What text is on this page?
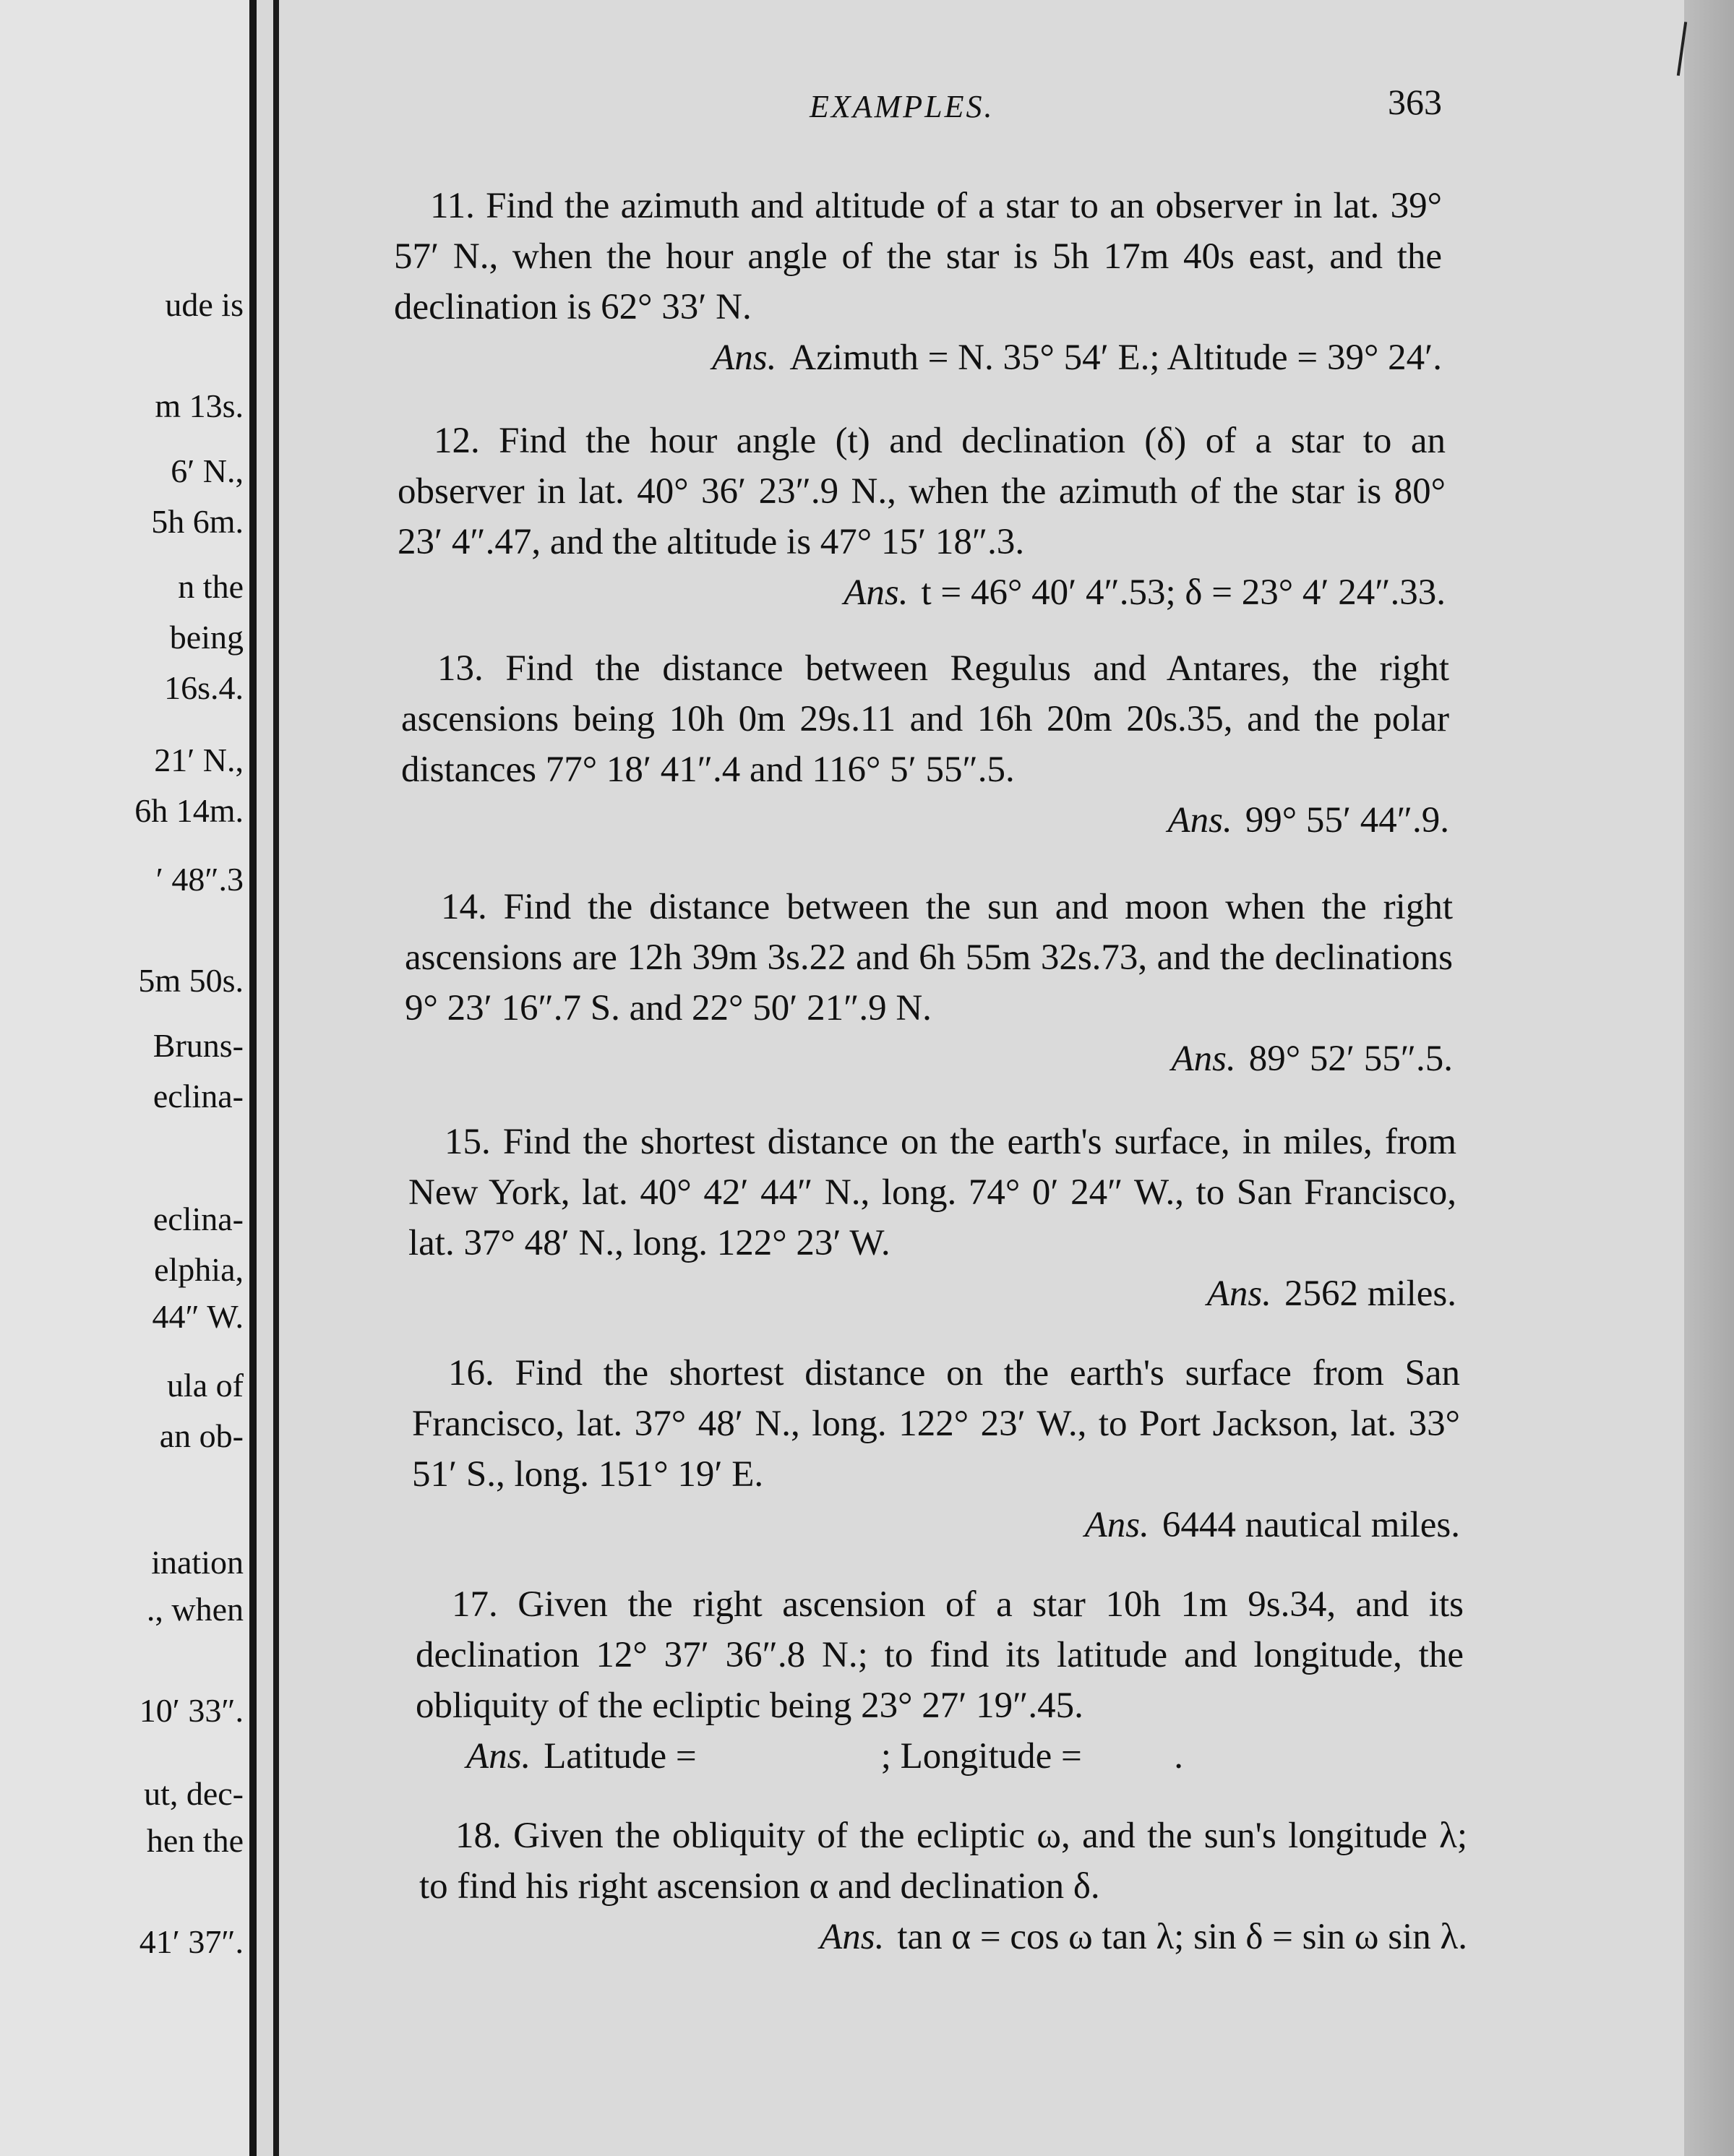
ude is
m 13s.
6′ N.,
5h 6m.
n the
being
16s.4.
21′ N.,
6h 14m.
′ 48″.3
5m 50s.
Bruns-
eclina-
eclina-
elphia,
44″ W.
ula of
an ob-
ination
., when
10′ 33″.
ut, dec-
hen the
41′ 37″.
EXAMPLES.	363

11. Find the azimuth and altitude of a star to an observer in lat. 39° 57′ N., when the hour angle of the star is 5h 17m 40s east, and the declination is 62° 33′ N.

Ans. Azimuth = N. 35° 54′ E.; Altitude = 39° 24′.

12. Find the hour angle (t) and declination (δ) of a star to an observer in lat. 40° 36′ 23″.9 N., when the azimuth of the star is 80° 23′ 4″.47, and the altitude is 47° 15′ 18″.3.

Ans. t = 46° 40′ 4″.53; δ = 23° 4′ 24″.33.

13. Find the distance between Regulus and Antares, the right ascensions being 10h 0m 29s.11 and 16h 20m 20s.35, and the polar distances 77° 18′ 41″.4 and 116° 5′ 55″.5.

Ans. 99° 55′ 44″.9.

14. Find the distance between the sun and moon when the right ascensions are 12h 39m 3s.22 and 6h 55m 32s.73, and the declinations 9° 23′ 16″.7 S. and 22° 50′ 21″.9 N.

Ans. 89° 52′ 55″.5.

15. Find the shortest distance on the earth's surface, in miles, from New York, lat. 40° 42′ 44″ N., long. 74° 0′ 24″ W., to San Francisco, lat. 37° 48′ N., long. 122° 23′ W.

Ans. 2562 miles.

16. Find the shortest distance on the earth's surface from San Francisco, lat. 37° 48′ N., long. 122° 23′ W., to Port Jackson, lat. 33° 51′ S., long. 151° 19′ E.

Ans. 6444 nautical miles.

17. Given the right ascension of a star 10h 1m 9s.34, and its declination 12° 37′ 36″.8 N.; to find its latitude and longitude, the obliquity of the ecliptic being 23° 27′ 19″.45.

Ans. Latitude =                    ; Longitude =          .

18. Given the obliquity of the ecliptic ω, and the sun's longitude λ; to find his right ascension α and declination δ.

Ans. tan α = cos ω tan λ; sin δ = sin ω sin λ.
